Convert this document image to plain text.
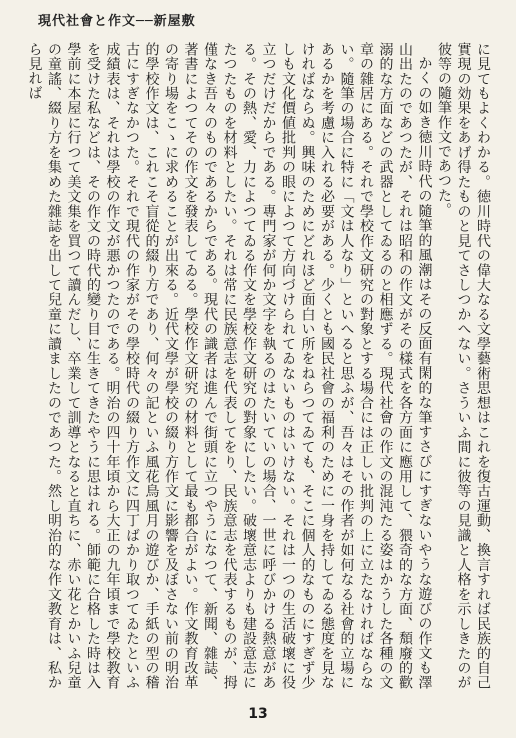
現代社會と作文──新屋敷

に見てもよくわかる。徳川時代の偉大なる文學藝術思想はこれを復古運動、換言すれば民族的自己實現の効果をあげ得たものと見てさしつかへない。さういふ間に彼等の見識と人格を示しきたのが彼等の隨筆作文であつた。

かくの如き徳川時代の隨筆的風潮はその反面有閑的な筆すさびにすぎないやうな遊びの作文も澤山出たのであつたが、それは昭和の作文がその樣式を各方面に應用して、猥奇的な方面、頽廢的歡溺的な方面などの武器としてゐるのと相應ずる。現代社會の作文の混沌たる姿はかうした各種の文章の雜居にある。それで學校作文研究の對象とする場合には正しい批判の上に立たなければならない。隨筆の場合に特に「文は人なり」といへると思ふが、吾々はその作者が如何なる社會的立場にあるかを考慮に入れる必要がある。少くとも國民社會の福利のために一身を持してゐる態度を見なければならぬ。興味のためにどれほど面白い所をねらつてゐても、そこに個人的なものにすぎず少しも文化價値批判の眼によつて方向づけられてゐないものはいけない。それは一つの生活破壞に役立つだけだからである。專門家が何か文字を執るのはたいていの場合、一世に呼びかける熱意がある。その熱、愛、力によつてゐる作文を學校作文研究の對象にしたい。破壞意志よりも建設意志にたつたものを材料としたい。それは常に民族意志を代表してをり、民族意志を代表するものが、拇僅なき吾々のものであるからである。現代の識者は進んで街頭に立つやうになつて、新聞、雜誌、著書によつてその作文を發表してゐる。學校作文研究の材料として最も都合がよい。作文教育改革の寄り場をこゝに求めることが出來る。近代文學が學校の綴り方作文に影響を及ぼさない前の明治的學校作文は、これこそ盲從的綴り方であり、何々の記といふ風花鳥風月の遊びか、手紙の型の稽古にすぎなかつた。それで現代の作家がその學校時代の綴り方作文に四丁ばかり取つてゐたといふ成績表は、それは學校の作文が悪かつたのである。明治の四十年頃から大正の九年頃まで學校教育を受けた私などは、その作文の時代的變り目に生きてきたやうに思はれる。師範に合格した時は入學前に本屋に行つて美文集を買つて讀んだし、卒業して訓導となると直ちに、赤い花とかいふ兒童の童謠、綴り方を集めた雜誌を出して兒童に讀ましたのであつた。然し明治的な作文教育は、私から見れば

13
